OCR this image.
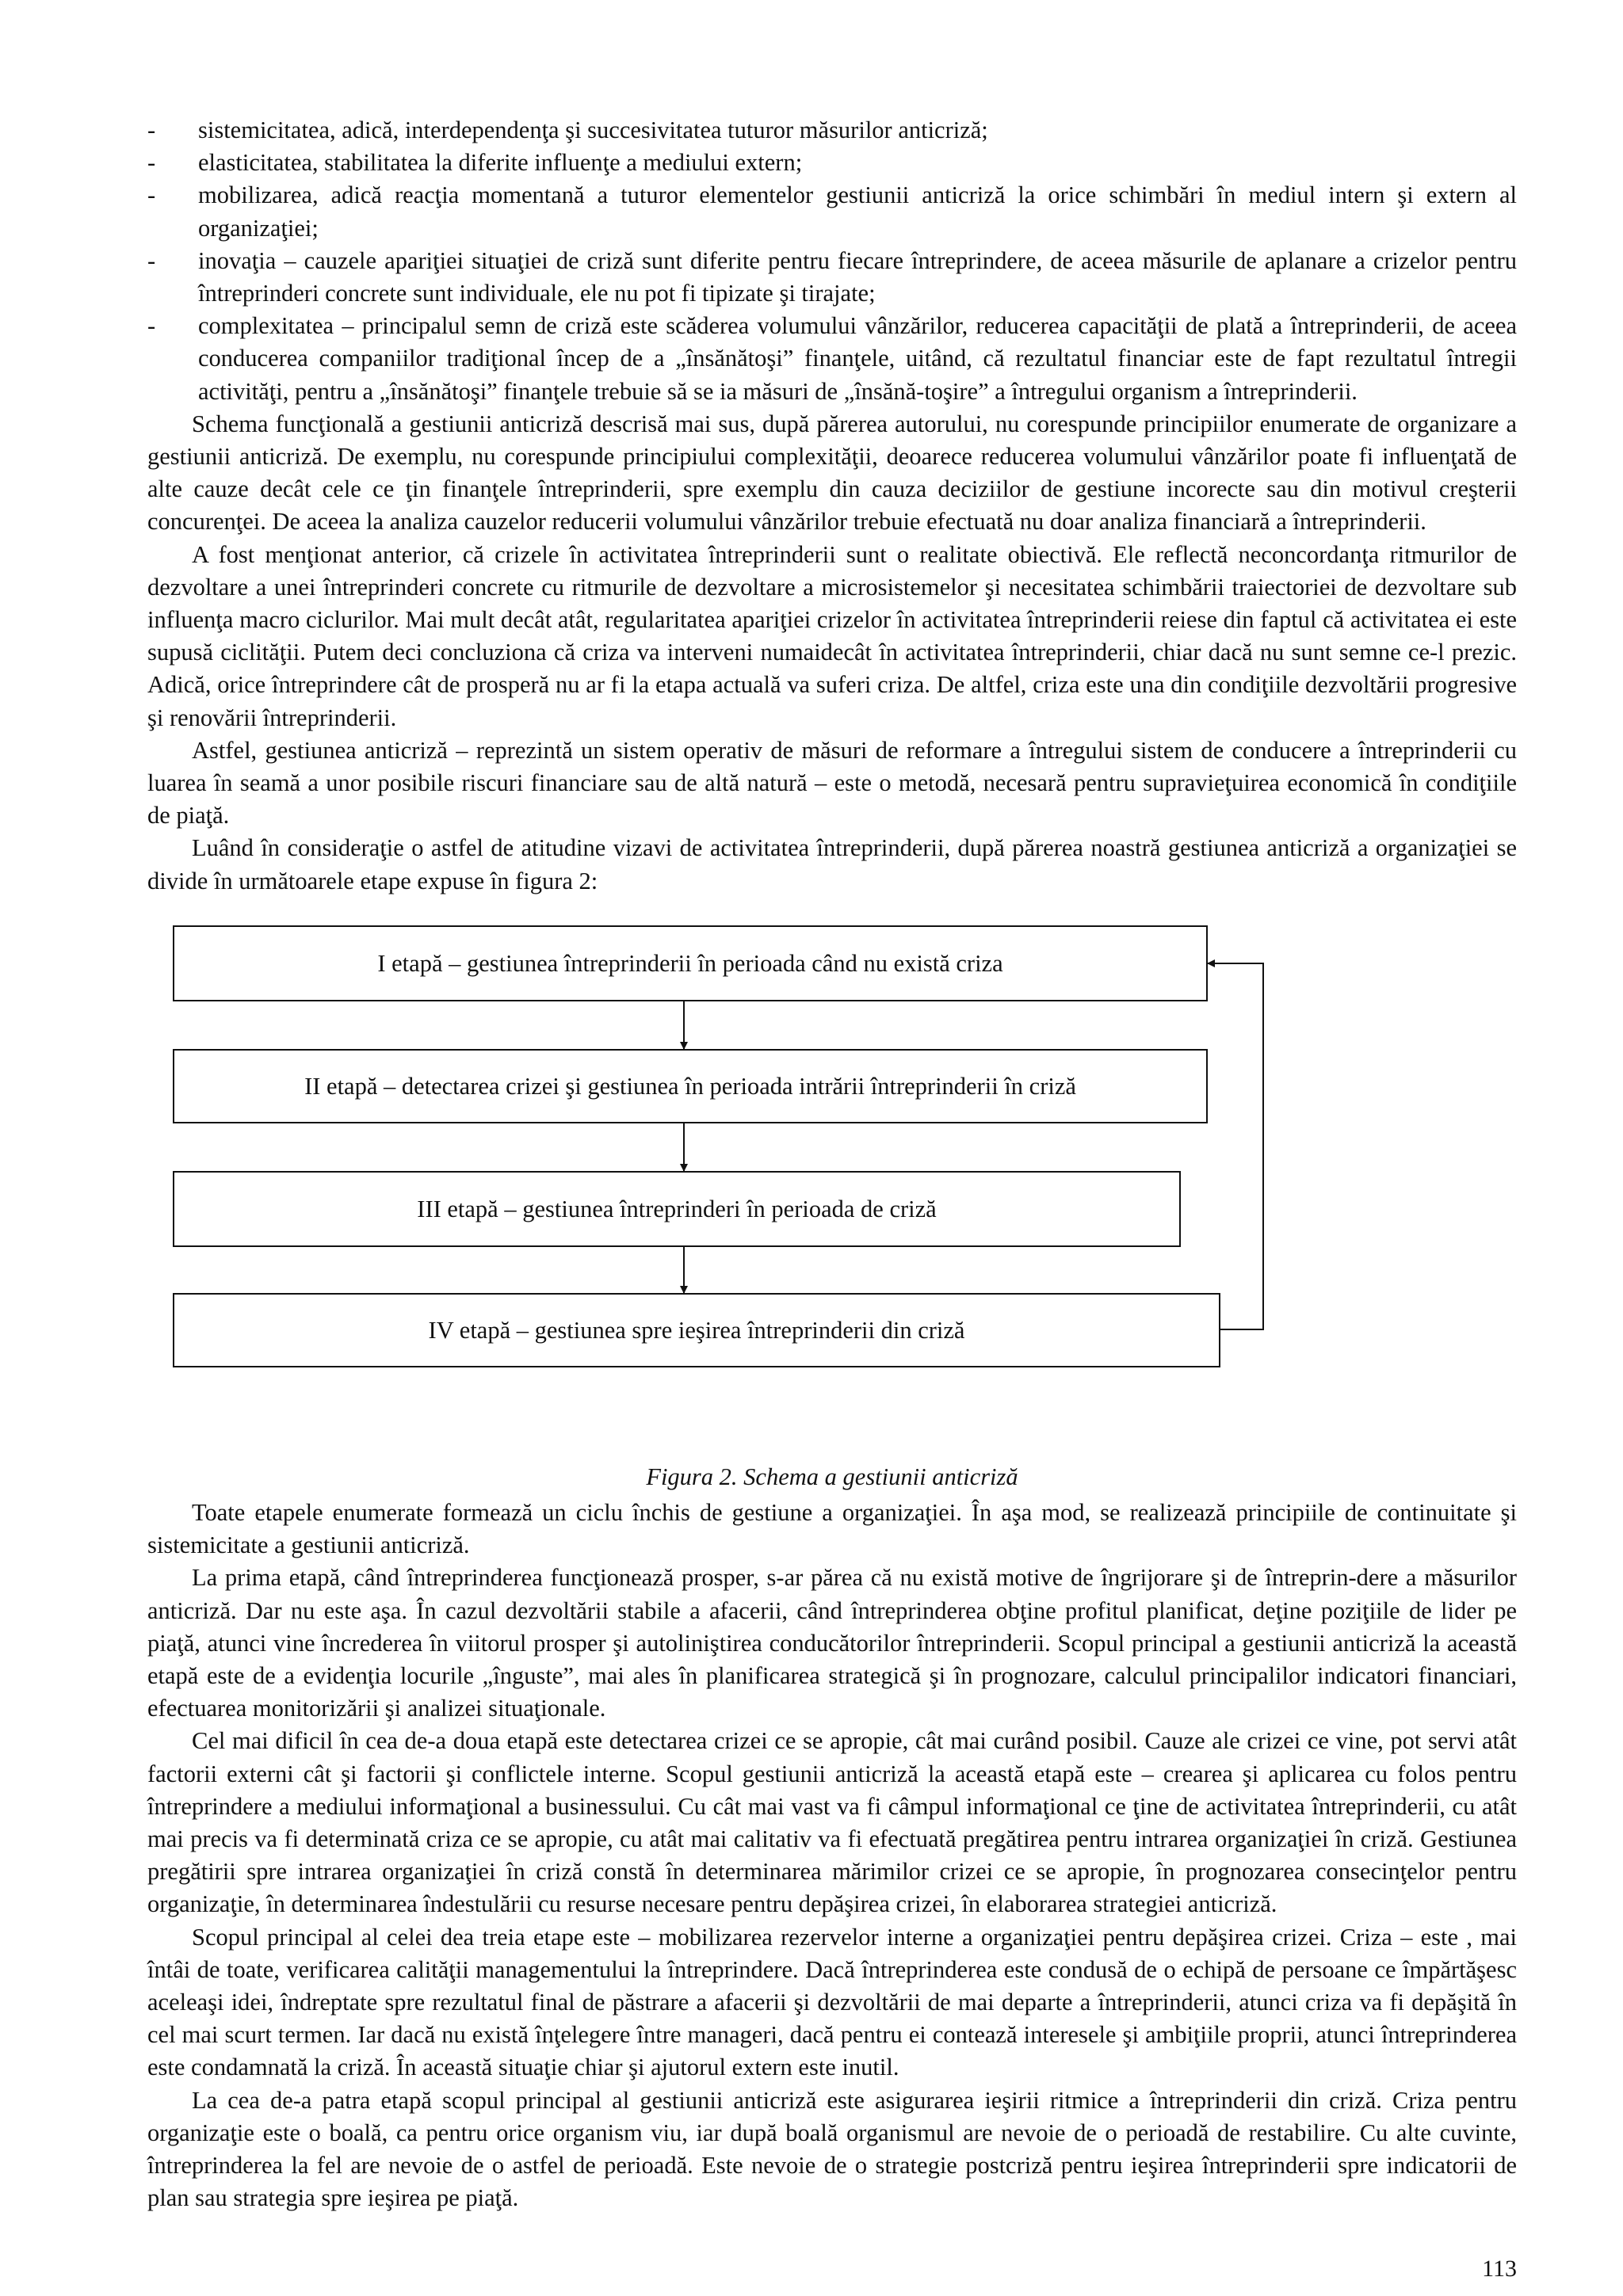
- sistemicitatea, adică, interdependenţa şi succesivitatea tuturor măsurilor anticriză;
- elasticitatea, stabilitatea la diferite influenţe a mediului extern;
- mobilizarea, adică reacţia momentană a tuturor elementelor gestiunii anticriză la orice schimbări în mediul intern şi extern al organizaţiei;
- inovaţia – cauzele apariţiei situaţiei de criză sunt diferite pentru fiecare întreprindere, de aceea măsurile de aplanare a crizelor pentru întreprinderi concrete sunt individuale, ele nu pot fi tipizate şi tirajate;
- complexitatea – principalul semn de criză este scăderea volumului vânzărilor, reducerea capacităţii de plată a întreprinderii, de aceea conducerea companiilor tradiţional încep de a „însănătoşi” finanţele, uitând, că rezultatul financiar este de fapt rezultatul întregii activităţi, pentru a „însănătoşi” finanţele trebuie să se ia măsuri de „însănă-toşire” a întregului organism a întreprinderii.

Schema funcţională a gestiunii anticriză descrisă mai sus, după părerea autorului, nu corespunde principiilor enumerate de organizare a gestiunii anticriză. De exemplu, nu corespunde principiului complexităţii, deoarece reducerea volumului vânzărilor poate fi influenţată de alte cauze decât cele ce ţin finanţele întreprinderii, spre exemplu din cauza deciziilor de gestiune incorecte sau din motivul creşterii concurenţei. De aceea la analiza cauzelor reducerii volumului vânzărilor trebuie efectuată nu doar analiza financiară a întreprinderii.

A fost menţionat anterior, că crizele în activitatea întreprinderii sunt o realitate obiectivă. Ele reflectă neconcordanţa ritmurilor de dezvoltare a unei întreprinderi concrete cu ritmurile de dezvoltare a microsistemelor şi necesitatea schimbării traiectoriei de dezvoltare sub influenţa macro ciclurilor. Mai mult decât atât, regularitatea apariţiei crizelor în activitatea întreprinderii reiese din faptul că activitatea ei este supusă ciclităţii. Putem deci concluziona că criza va interveni numaidecât în activitatea întreprinderii, chiar dacă nu sunt semne ce-l prezic. Adică, orice întreprindere cât de prosperă nu ar fi la etapa actuală va suferi criza. De altfel, criza este una din condiţiile dezvoltării progresive şi renovării întreprinderii.

Astfel, gestiunea anticriză – reprezintă un sistem operativ de măsuri de reformare a întregului sistem de conducere a întreprinderii cu luarea în seamă a unor posibile riscuri financiare sau de altă natură – este o metodă, necesară pentru supravieţuirea economică în condiţiile de piaţă.

Luând în consideraţie o astfel de atitudine vizavi de activitatea întreprinderii, după părerea noastră gestiunea anticriză a organizaţiei se divide în următoarele etape expuse în figura 2:

I etapă – gestiunea întreprinderii în perioada când nu există criza
II etapă – detectarea crizei şi gestiunea în perioada intrării întreprinderii în criză
III etapă – gestiunea întreprinderi în perioada de criză
IV etapă – gestiunea spre ieşirea întreprinderii din criză
Figura 2. Schema a gestiunii anticriză

Toate etapele enumerate formează un ciclu închis de gestiune a organizaţiei. În aşa mod, se realizează principiile de continuitate şi sistemicitate a gestiunii anticriză.

La prima etapă, când întreprinderea funcţionează prosper, s-ar părea că nu există motive de îngrijorare şi de întreprin-dere a măsurilor anticriză. Dar nu este aşa. În cazul dezvoltării stabile a afacerii, când întreprinderea obţine profitul planificat, deţine poziţiile de lider pe piaţă, atunci vine încrederea în viitorul prosper şi autoliniştirea conducătorilor întreprinderii. Scopul principal a gestiunii anticriză la această etapă este de a evidenţia locurile „înguste”, mai ales în planificarea strategică şi în prognozare, calculul principalilor indicatori financiari, efectuarea monitorizării şi analizei situaţionale.

Cel mai dificil în cea de-a doua etapă este detectarea crizei ce se apropie, cât mai curând posibil. Cauze ale crizei ce vine, pot servi atât factorii externi cât şi factorii şi conflictele interne. Scopul gestiunii anticriză la această etapă este – crearea şi aplicarea cu folos pentru întreprindere a mediului informaţional a businessului. Cu cât mai vast va fi câmpul informaţional ce ţine de activitatea întreprinderii, cu atât mai precis va fi determinată criza ce se apropie, cu atât mai calitativ va fi efectuată pregătirea pentru intrarea organizaţiei în criză. Gestiunea pregătirii spre intrarea organizaţiei în criză constă în determinarea mărimilor crizei ce se apropie, în prognozarea consecinţelor pentru organizaţie, în determinarea îndestulării cu resurse necesare pentru depăşirea crizei, în elaborarea strategiei anticriză.

Scopul principal al celei dea treia etape este – mobilizarea rezervelor interne a organizaţiei pentru depăşirea crizei. Criza – este , mai întâi de toate, verificarea calităţii managementului la întreprindere. Dacă întreprinderea este condusă de o echipă de persoane ce împărtăşesc aceleaşi idei, îndreptate spre rezultatul final de păstrare a afacerii şi dezvoltării de mai departe a întreprinderii, atunci criza va fi depăşită în cel mai scurt termen. Iar dacă nu există înţelegere între manageri, dacă pentru ei contează interesele şi ambiţiile proprii, atunci întreprinderea este condamnată la criză. În această situaţie chiar şi ajutorul extern este inutil.

La cea de-a patra etapă scopul principal al gestiunii anticriză este asigurarea ieşirii ritmice a întreprinderii din criză. Criza pentru organizaţie este o boală, ca pentru orice organism viu, iar după boală organismul are nevoie de o perioadă de restabilire. Cu alte cuvinte, întreprinderea la fel are nevoie de o astfel de perioadă. Este nevoie de o strategie postcriză pentru ieşirea întreprinderii spre indicatorii de plan sau strategia spre ieşirea pe piaţă.

113
